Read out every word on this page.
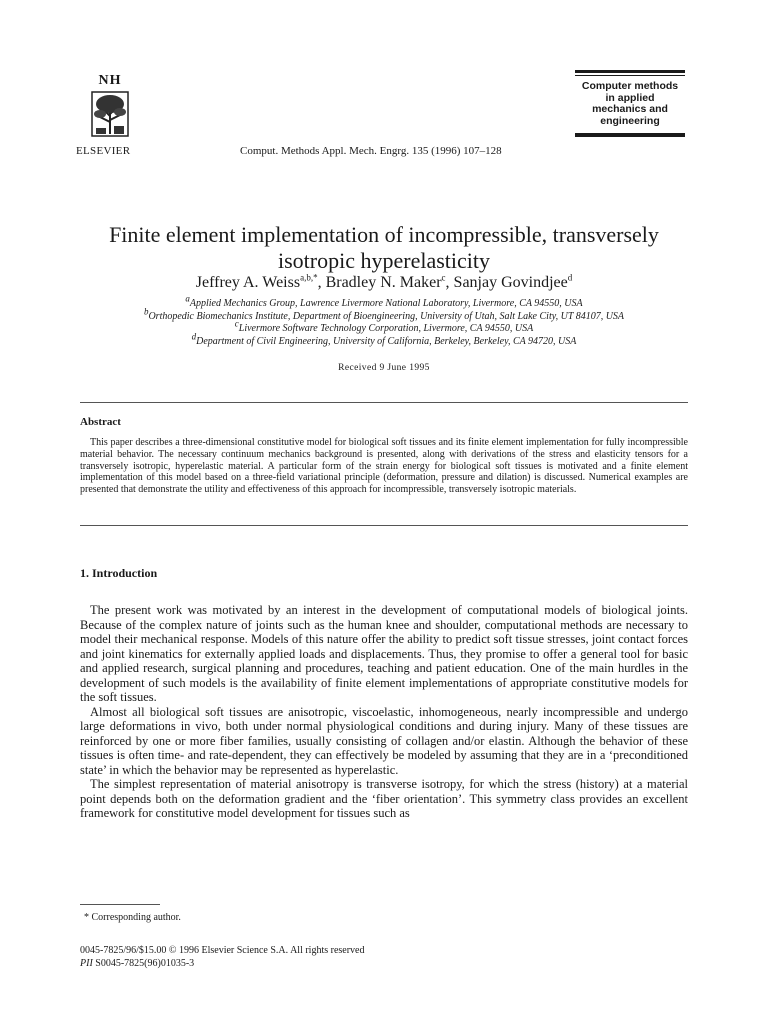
NH
ELSEVIER	Comput. Methods Appl. Mech. Engrg. 135 (1996) 107–128
Computer methods
in applied
mechanics and
engineering
Finite element implementation of incompressible, transversely
isotropic hyperelasticity
Jeffrey A. Weiss$^{a,b,*}$, Bradley N. Maker$^c$, Sanjay Govindjee$^d$
$^a$Applied Mechanics Group, Lawrence Livermore National Laboratory, Livermore, CA 94550, USA
$^b$Orthopedic Biomechanics Institute, Department of Bioengineering, University of Utah, Salt Lake City, UT 84107, USA
$^c$Livermore Software Technology Corporation, Livermore, CA 94550, USA
$^d$Department of Civil Engineering, University of California, Berkeley, Berkeley, CA 94720, USA
Received 9 June 1995
Abstract
This paper describes a three-dimensional constitutive model for biological soft tissues and its finite element implementation for fully incompressible material behavior. The necessary continuum mechanics background is presented, along with derivations of the stress and elasticity tensors for a transversely isotropic, hyperelastic material. A particular form of the strain energy for biological soft tissues is motivated and a finite element implementation of this model based on a three-field variational principle (deformation, pressure and dilation) is discussed. Numerical examples are presented that demonstrate the utility and effectiveness of this approach for incompressible, transversely isotropic materials.
1. Introduction

The present work was motivated by an interest in the development of computational models of biological joints. Because of the complex nature of joints such as the human knee and shoulder, computational methods are necessary to model their mechanical response. Models of this nature offer the ability to predict soft tissue stresses, joint contact forces and joint kinematics for externally applied loads and displacements. Thus, they promise to offer a general tool for basic and applied research, surgical planning and procedures, teaching and patient education. One of the main hurdles in the development of such models is the availability of finite element implementations of appropriate constitutive models for the soft tissues.

Almost all biological soft tissues are anisotropic, viscoelastic, inhomogeneous, nearly incompressible and undergo large deformations in vivo, both under normal physiological conditions and during injury. Many of these tissues are reinforced by one or more fiber families, usually consisting of collagen and/or elastin. Although the behavior of these tissues is often time- and rate-dependent, they can effectively be modeled by assuming that they are in a ‘preconditioned state’ in which the behavior may be represented as hyperelastic.

The simplest representation of material anisotropy is transverse isotropy, for which the stress (history) at a material point depends both on the deformation gradient and the ‘fiber orientation’. This symmetry class provides an excellent framework for constitutive model development for tissues such as

* Corresponding author.
0045-7825/96/$15.00 © 1996 Elsevier Science S.A. All rights reserved
PII S0045-7825(96)01035-3
